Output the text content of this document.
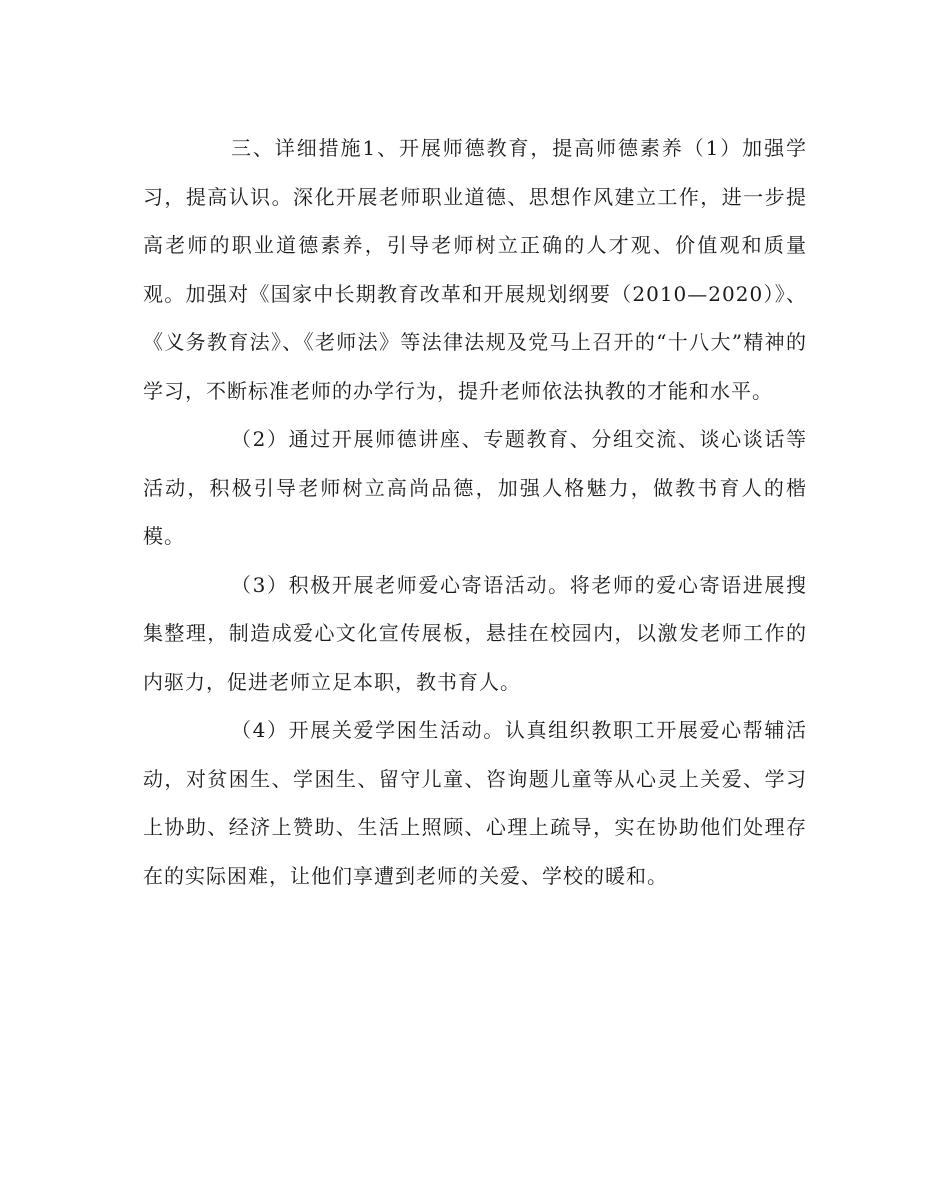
三、详细措施1、开展师德教育，提高师德素养（1）加强学习，提高认识。深化开展老师职业道德、思想作风建立工作，进一步提高老师的职业道德素养，引导老师树立正确的人才观、价值观和质量观。加强对《国家中长期教育改革和开展规划纲要（2010—2020）》、《义务教育法》、《老师法》等法律法规及党马上召开的“十八大”精神的学习，不断标准老师的办学行为，提升老师依法执教的才能和水平。

（2）通过开展师德讲座、专题教育、分组交流、谈心谈话等活动，积极引导老师树立高尚品德，加强人格魅力，做教书育人的楷模。

（3）积极开展老师爱心寄语活动。将老师的爱心寄语进展搜集整理，制造成爱心文化宣传展板，悬挂在校园内，以激发老师工作的内驱力，促进老师立足本职，教书育人。

（4）开展关爱学困生活动。认真组织教职工开展爱心帮辅活动，对贫困生、学困生、留守儿童、咨询题儿童等从心灵上关爱、学习上协助、经济上赞助、生活上照顾、心理上疏导，实在协助他们处理存在的实际困难，让他们享遭到老师的关爱、学校的暖和。
